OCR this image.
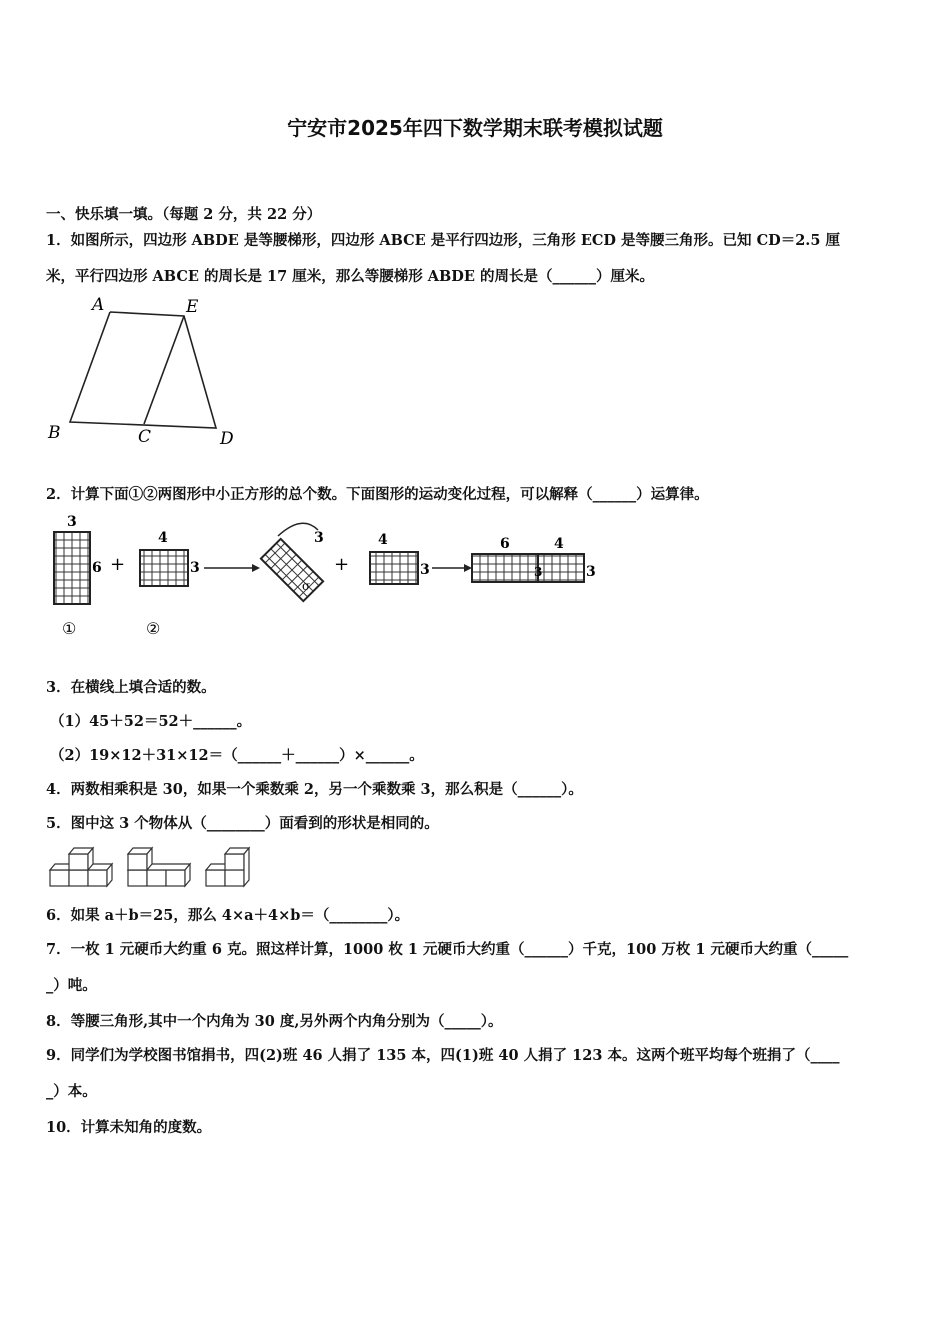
宁安市2025年四下数学期末联考模拟试题
一、快乐填一填。（每题 2 分，共 22 分）
1．如图所示，四边形 ABDE 是等腰梯形，四边形 ABCE 是平行四边形，三角形 ECD 是等腰三角形。已知 CD＝2.5 厘
米，平行四边形 ABCE 的周长是 17 厘米，那么等腰梯形 ABDE 的周长是（______）厘米。
A	E
B	C	D
2．计算下面①②两图形中小正方形的总个数。下面图形的运动变化过程，可以解释（______）运算律。
3
6 +
4
3
3
σ
+
4
3
6	4
3	3
①	②
3．在横线上填合适的数。
（1）45＋52＝52＋______。
（2）19×12＋31×12＝（______＋______）×______。
4．两数相乘积是 30，如果一个乘数乘 2，另一个乘数乘 3，那么积是（______）。
5．图中这 3 个物体从（________）面看到的形状是相同的。
6．如果 a＋b＝25，那么 4×a＋4×b＝（________）。
7．一枚 1 元硬币大约重 6 克。照这样计算，1000 枚 1 元硬币大约重（______）千克，100 万枚 1 元硬币大约重（_____
_）吨。
8．等腰三角形,其中一个内角为 30 度,另外两个内角分别为（_____）。
9．同学们为学校图书馆捐书，四(2)班 46 人捐了 135 本，四(1)班 40 人捐了 123 本。这两个班平均每个班捐了（____
_）本。
10．计算未知角的度数。
